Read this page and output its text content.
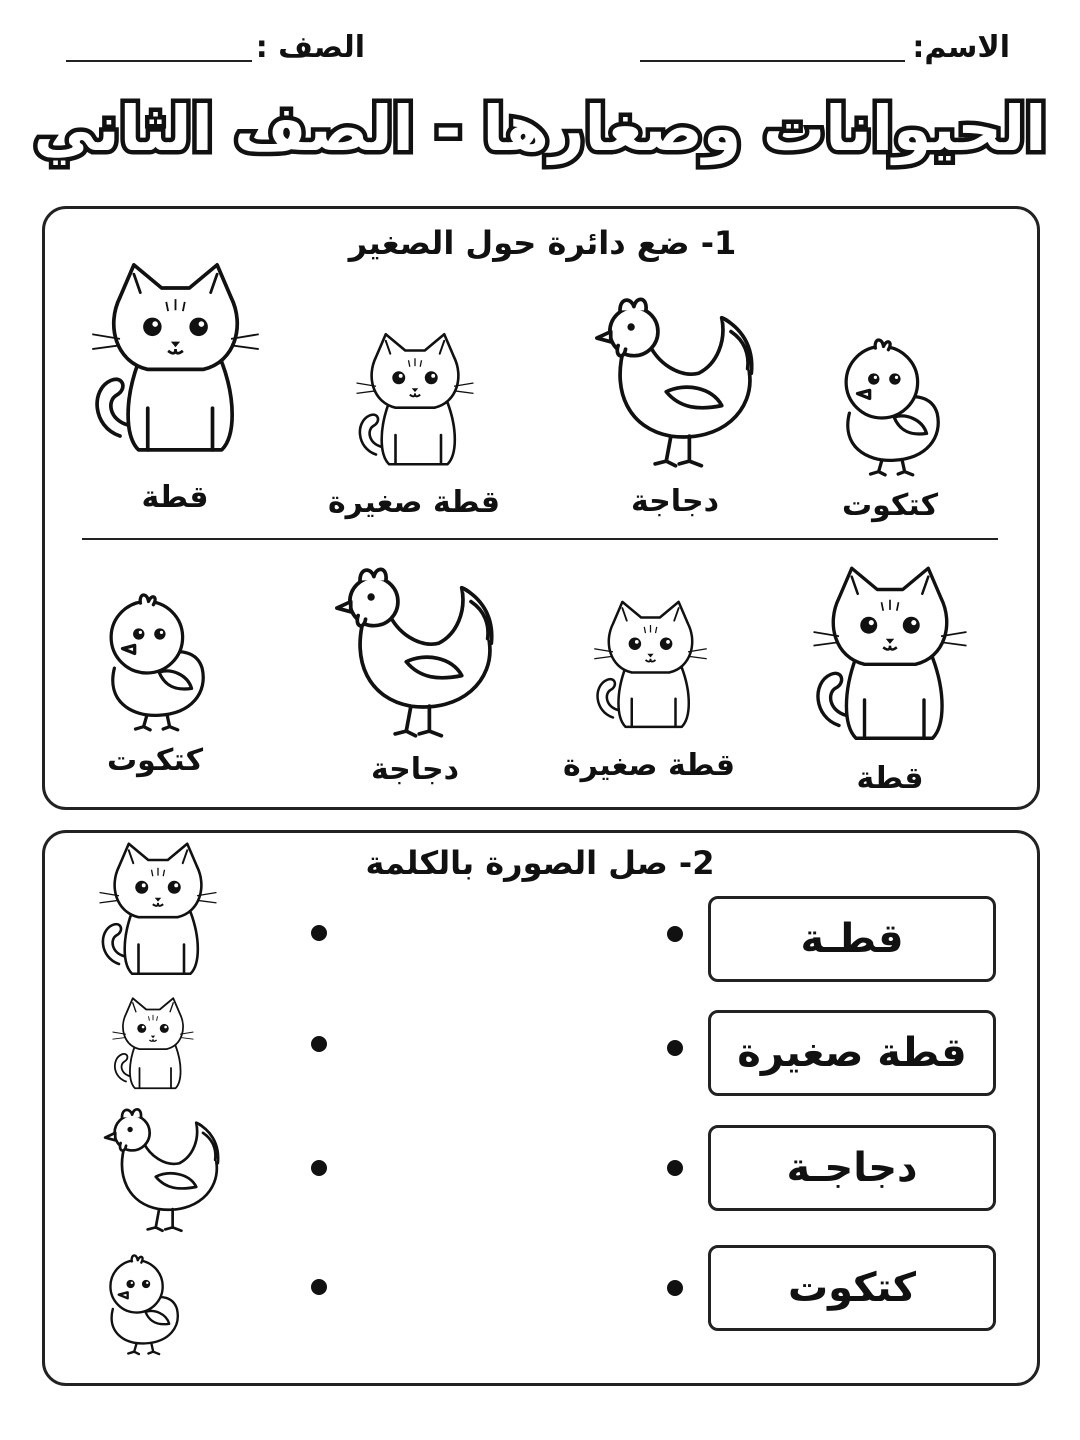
الاسم:
الصف :
الحيوانات وصغارها - الصف الثاني
1- ضع دائرة حول الصغير
كتكوت
دجاجة
قطة صغيرة
قطة
قطة
قطة صغيرة
دجاجة
كتكوت
2- صل الصورة بالكلمة
قطـة
قطة صغيرة
دجاجـة
كتكوت
